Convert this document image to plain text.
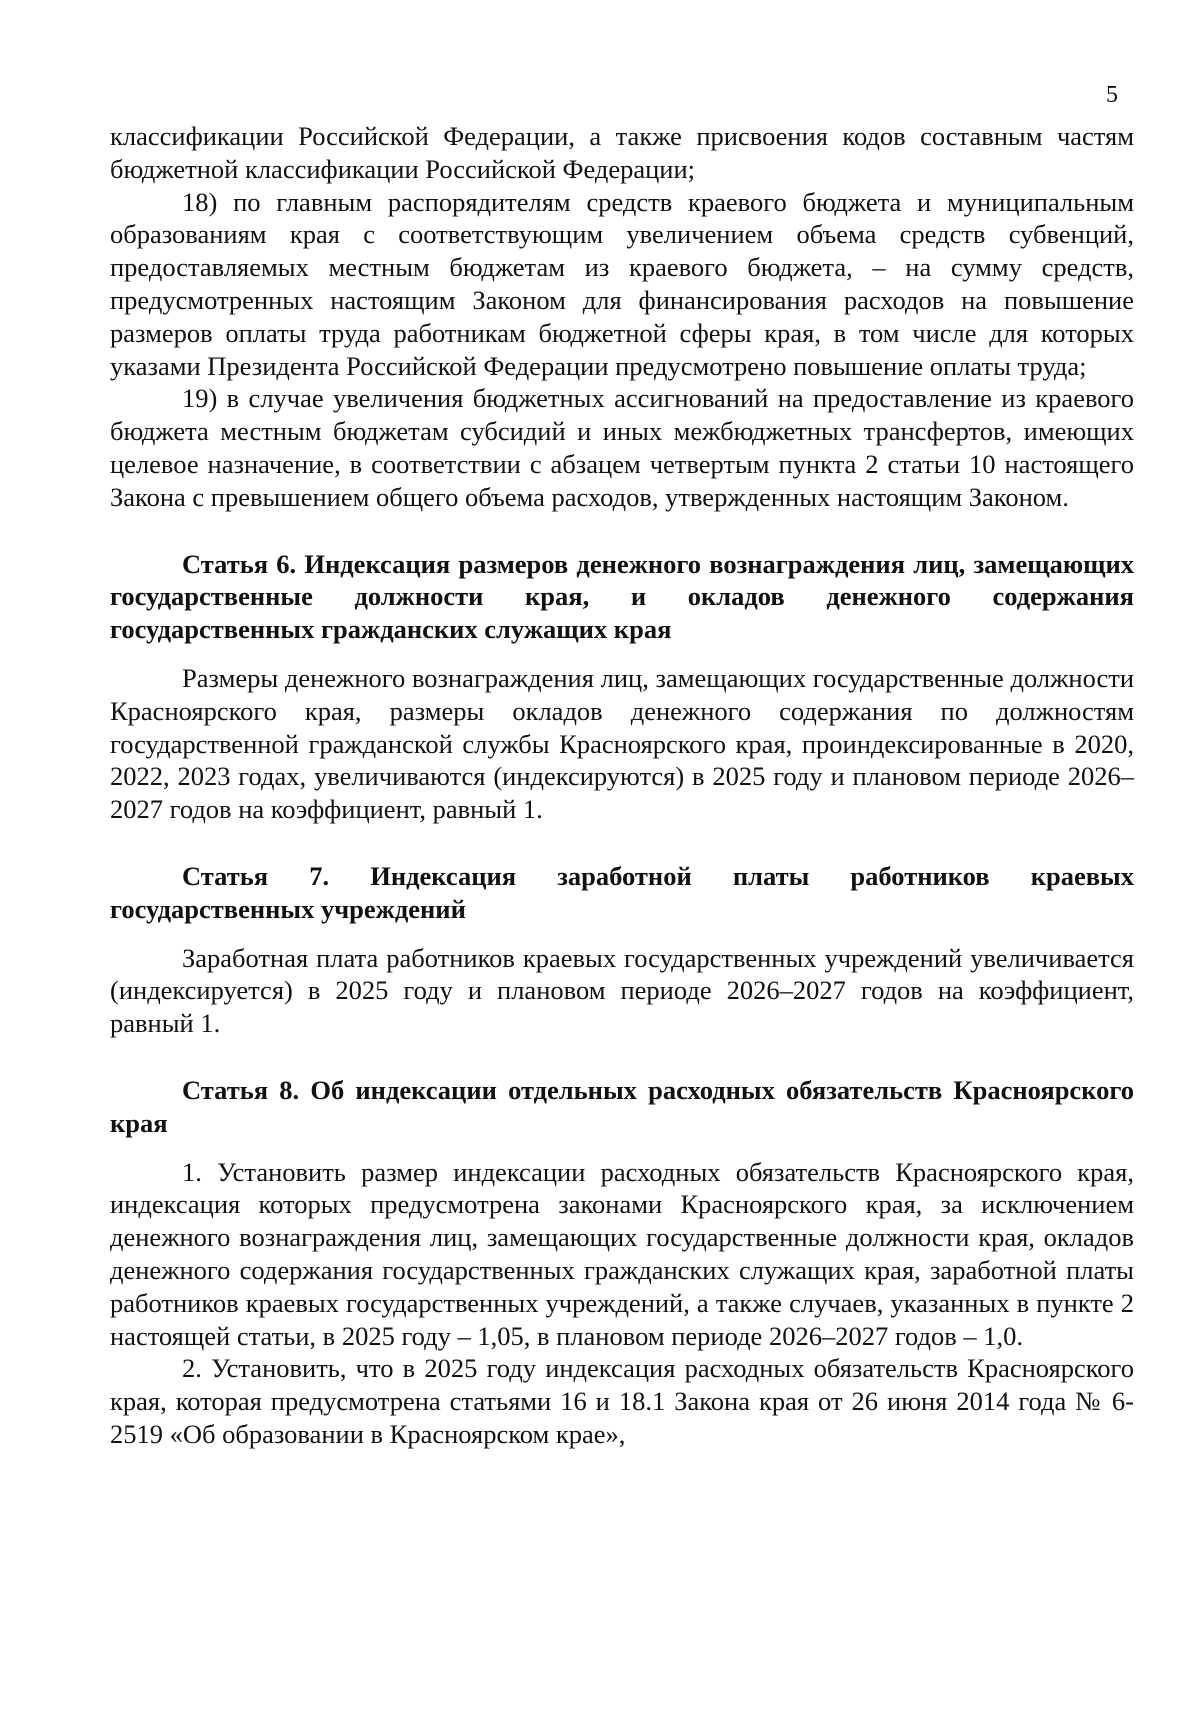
5

классификации Российской Федерации, а также присвоения кодов составным частям бюджетной классификации Российской Федерации;

18) по главным распорядителям средств краевого бюджета и муниципальным образованиям края с соответствующим увеличением объема средств субвенций, предоставляемых местным бюджетам из краевого бюджета, – на сумму средств, предусмотренных настоящим Законом для финансирования расходов на повышение размеров оплаты труда работникам бюджетной сферы края, в том числе для которых указами Президента Российской Федерации предусмотрено повышение оплаты труда;

19) в случае увеличения бюджетных ассигнований на предоставление из краевого бюджета местным бюджетам субсидий и иных межбюджетных трансфертов, имеющих целевое назначение, в соответствии с абзацем четвертым пункта 2 статьи 10 настоящего Закона с превышением общего объема расходов, утвержденных настоящим Законом.

Статья 6. Индексация размеров денежного вознаграждения лиц, замещающих государственные должности края, и окладов денежного содержания государственных гражданских служащих края

Размеры денежного вознаграждения лиц, замещающих государственные должности Красноярского края, размеры окладов денежного содержания по должностям государственной гражданской службы Красноярского края, проиндексированные в 2020, 2022, 2023 годах, увеличиваются (индексируются) в 2025 году и плановом периоде 2026–2027 годов на коэффициент, равный 1.

Статья 7. Индексация заработной платы работников краевых государственных учреждений

Заработная плата работников краевых государственных учреждений увеличивается (индексируется) в 2025 году и плановом периоде 2026–2027 годов на коэффициент, равный 1.

Статья 8. Об индексации отдельных расходных обязательств Красноярского края

1. Установить размер индексации расходных обязательств Красноярского края, индексация которых предусмотрена законами Красноярского края, за исключением денежного вознаграждения лиц, замещающих государственные должности края, окладов денежного содержания государственных гражданских служащих края, заработной платы работников краевых государственных учреждений, а также случаев, указанных в пункте 2 настоящей статьи, в 2025 году – 1,05, в плановом периоде 2026–2027 годов – 1,0.

2. Установить, что в 2025 году индексация расходных обязательств Красноярского края, которая предусмотрена статьями 16 и 18.1 Закона края от 26 июня 2014 года № 6-2519 «Об образовании в Красноярском крае»,
